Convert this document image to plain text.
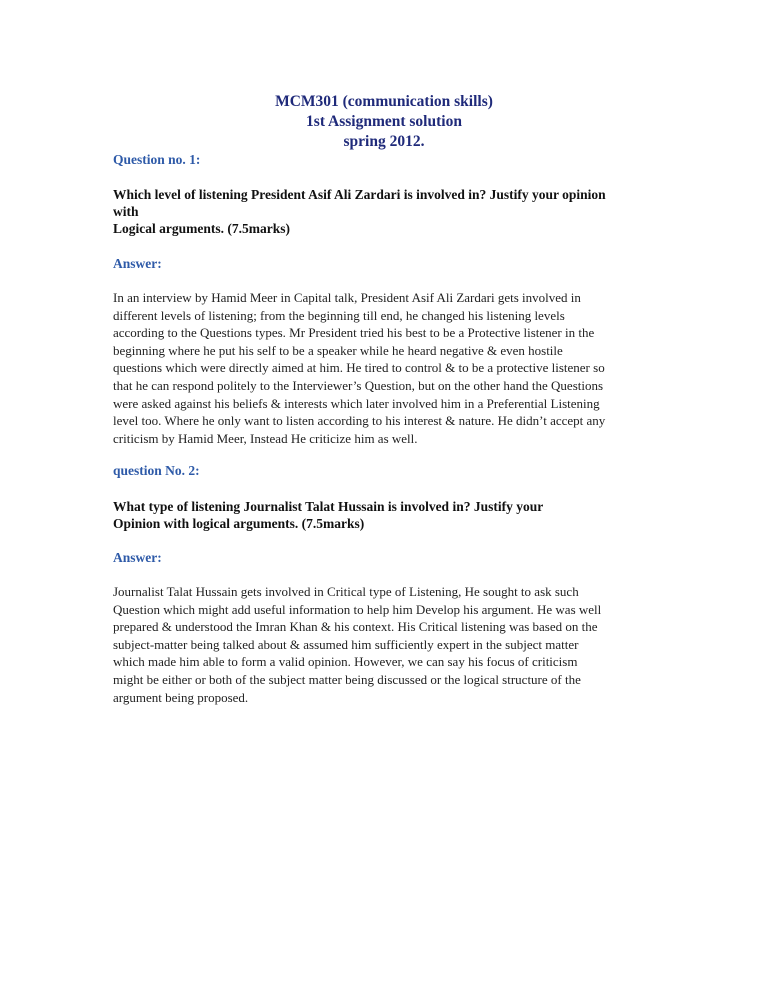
MCM301 (communication skills)
1st Assignment solution
spring 2012.
Question no. 1:
Which level of listening President Asif Ali Zardari is involved in? Justify your opinion
with
Logical arguments. (7.5marks)
Answer:
In an interview by Hamid Meer in Capital talk, President Asif Ali Zardari gets involved in
different levels of listening; from the beginning till end, he changed his listening levels
according to the Questions types. Mr President tried his best to be a Protective listener in the
beginning where he put his self to be a speaker while he heard negative & even hostile
questions which were directly aimed at him. He tired to control & to be a protective listener so
that he can respond politely to the Interviewer’s Question, but on the other hand the Questions
were asked against his beliefs & interests which later involved him in a Preferential Listening
level too. Where he only want to listen according to his interest & nature. He didn’t accept any
criticism by Hamid Meer, Instead He criticize him as well.
question No. 2:
What type of listening Journalist Talat Hussain is involved in? Justify your
Opinion with logical arguments. (7.5marks)
Answer:
Journalist Talat Hussain gets involved in Critical type of Listening, He sought to ask such
Question which might add useful information to help him Develop his argument. He was well
prepared & understood the Imran Khan & his context. His Critical listening was based on the
subject-matter being talked about & assumed him sufficiently expert in the subject matter
which made him able to form a valid opinion. However, we can say his focus of criticism
might be either or both of the subject matter being discussed or the logical structure of the
argument being proposed.
